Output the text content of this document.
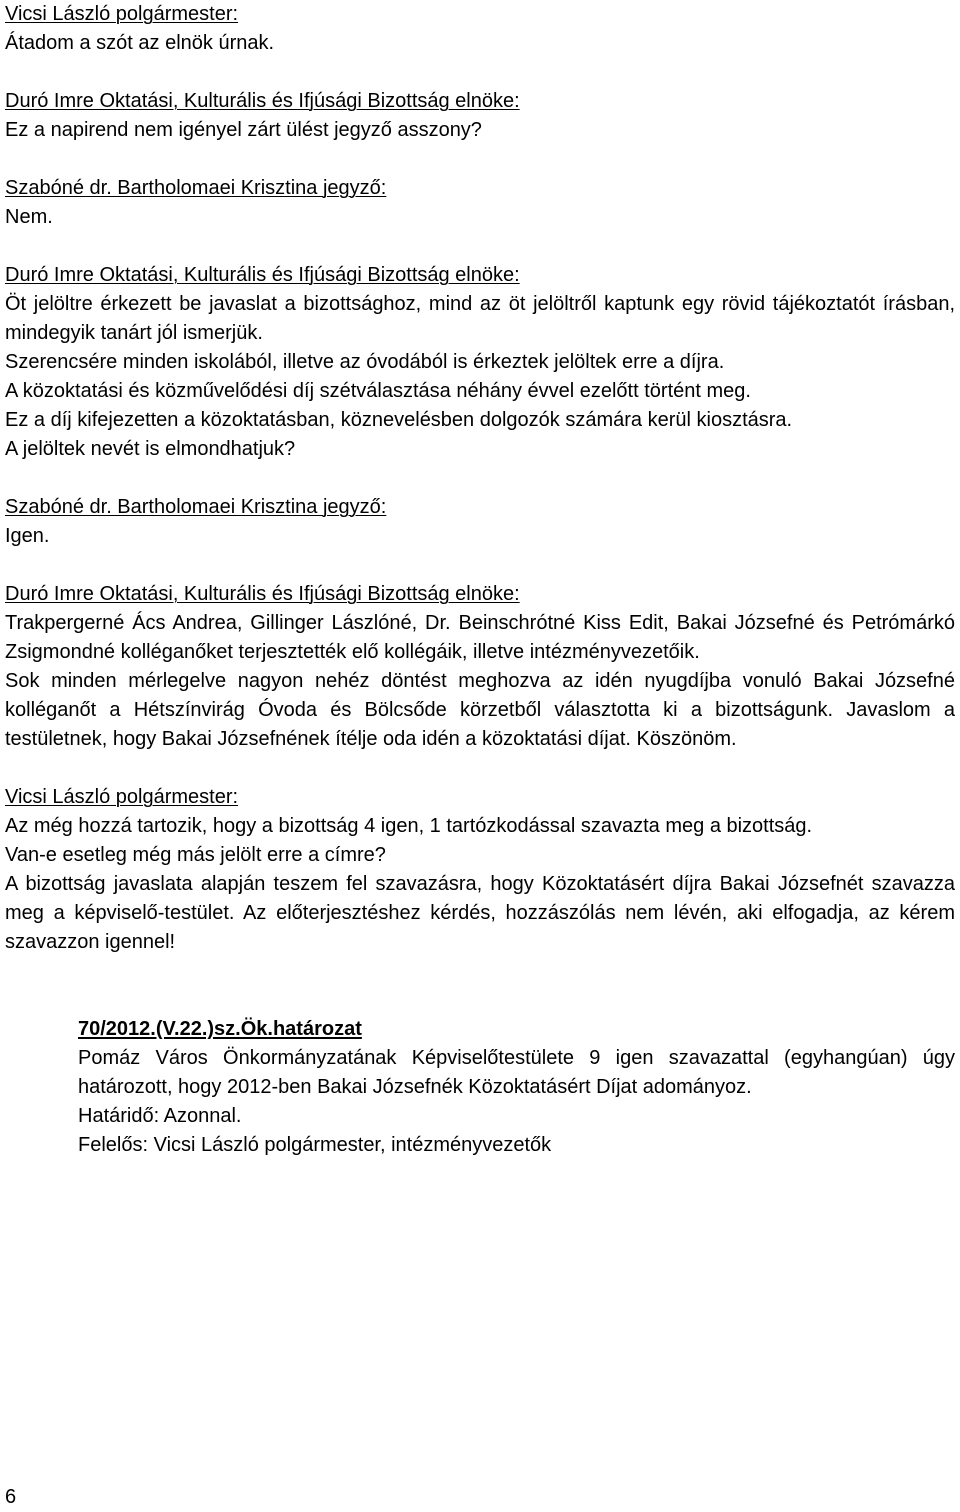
Vicsi László polgármester:
Átadom a szót az elnök úrnak.
Duró Imre Oktatási, Kulturális és Ifjúsági Bizottság elnöke:
Ez a napirend nem igényel zárt ülést jegyző asszony?
Szabóné dr. Bartholomaei Krisztina jegyző:
Nem.
Duró Imre Oktatási, Kulturális és Ifjúsági Bizottság elnöke:
Öt jelöltre érkezett be javaslat a bizottsághoz, mind az öt jelöltről kaptunk egy rövid tájékoztatót írásban, mindegyik tanárt jól ismerjük.
Szerencsére minden iskolából, illetve az óvodából is érkeztek jelöltek erre a díjra.
A közoktatási és közművelődési díj szétválasztása néhány évvel ezelőtt történt meg.
Ez a díj kifejezetten a közoktatásban, köznevelésben dolgozók számára kerül kiosztásra.
A jelöltek nevét is elmondhatjuk?
Szabóné dr. Bartholomaei Krisztina jegyző:
Igen.
Duró Imre Oktatási, Kulturális és Ifjúsági Bizottság elnöke:
Trakpergerné Ács Andrea, Gillinger Lászlóné, Dr. Beinschrótné Kiss Edit, Bakai Józsefné és Petrómárkó Zsigmondné kolléganőket terjesztették elő kollégáik, illetve intézményvezetőik.
Sok minden mérlegelve nagyon nehéz döntést meghozva az idén nyugdíjba vonuló Bakai Józsefné kolléganőt a Hétszínvirág Óvoda és Bölcsőde körzetből választotta ki a bizottságunk. Javaslom a testületnek, hogy Bakai Józsefnének ítélje oda idén a közoktatási díjat. Köszönöm.
Vicsi László polgármester:
Az még hozzá tartozik, hogy a bizottság 4 igen, 1 tartózkodással szavazta meg a bizottság.
Van-e esetleg még más jelölt erre a címre?
A bizottság javaslata alapján teszem fel szavazásra, hogy Közoktatásért díjra Bakai Józsefnét szavazza meg a képviselő-testület. Az előterjesztéshez kérdés, hozzászólás nem lévén, aki elfogadja, az kérem szavazzon igennel!
70/2012.(V.22.)sz.Ök.határozat
Pomáz Város Önkormányzatának Képviselőtestülete 9 igen szavazattal (egyhangúan) úgy határozott, hogy 2012-ben Bakai Józsefnék Közoktatásért Díjat adományoz.
Határidő: Azonnal.
Felelős: Vicsi László polgármester, intézményvezetők
6
